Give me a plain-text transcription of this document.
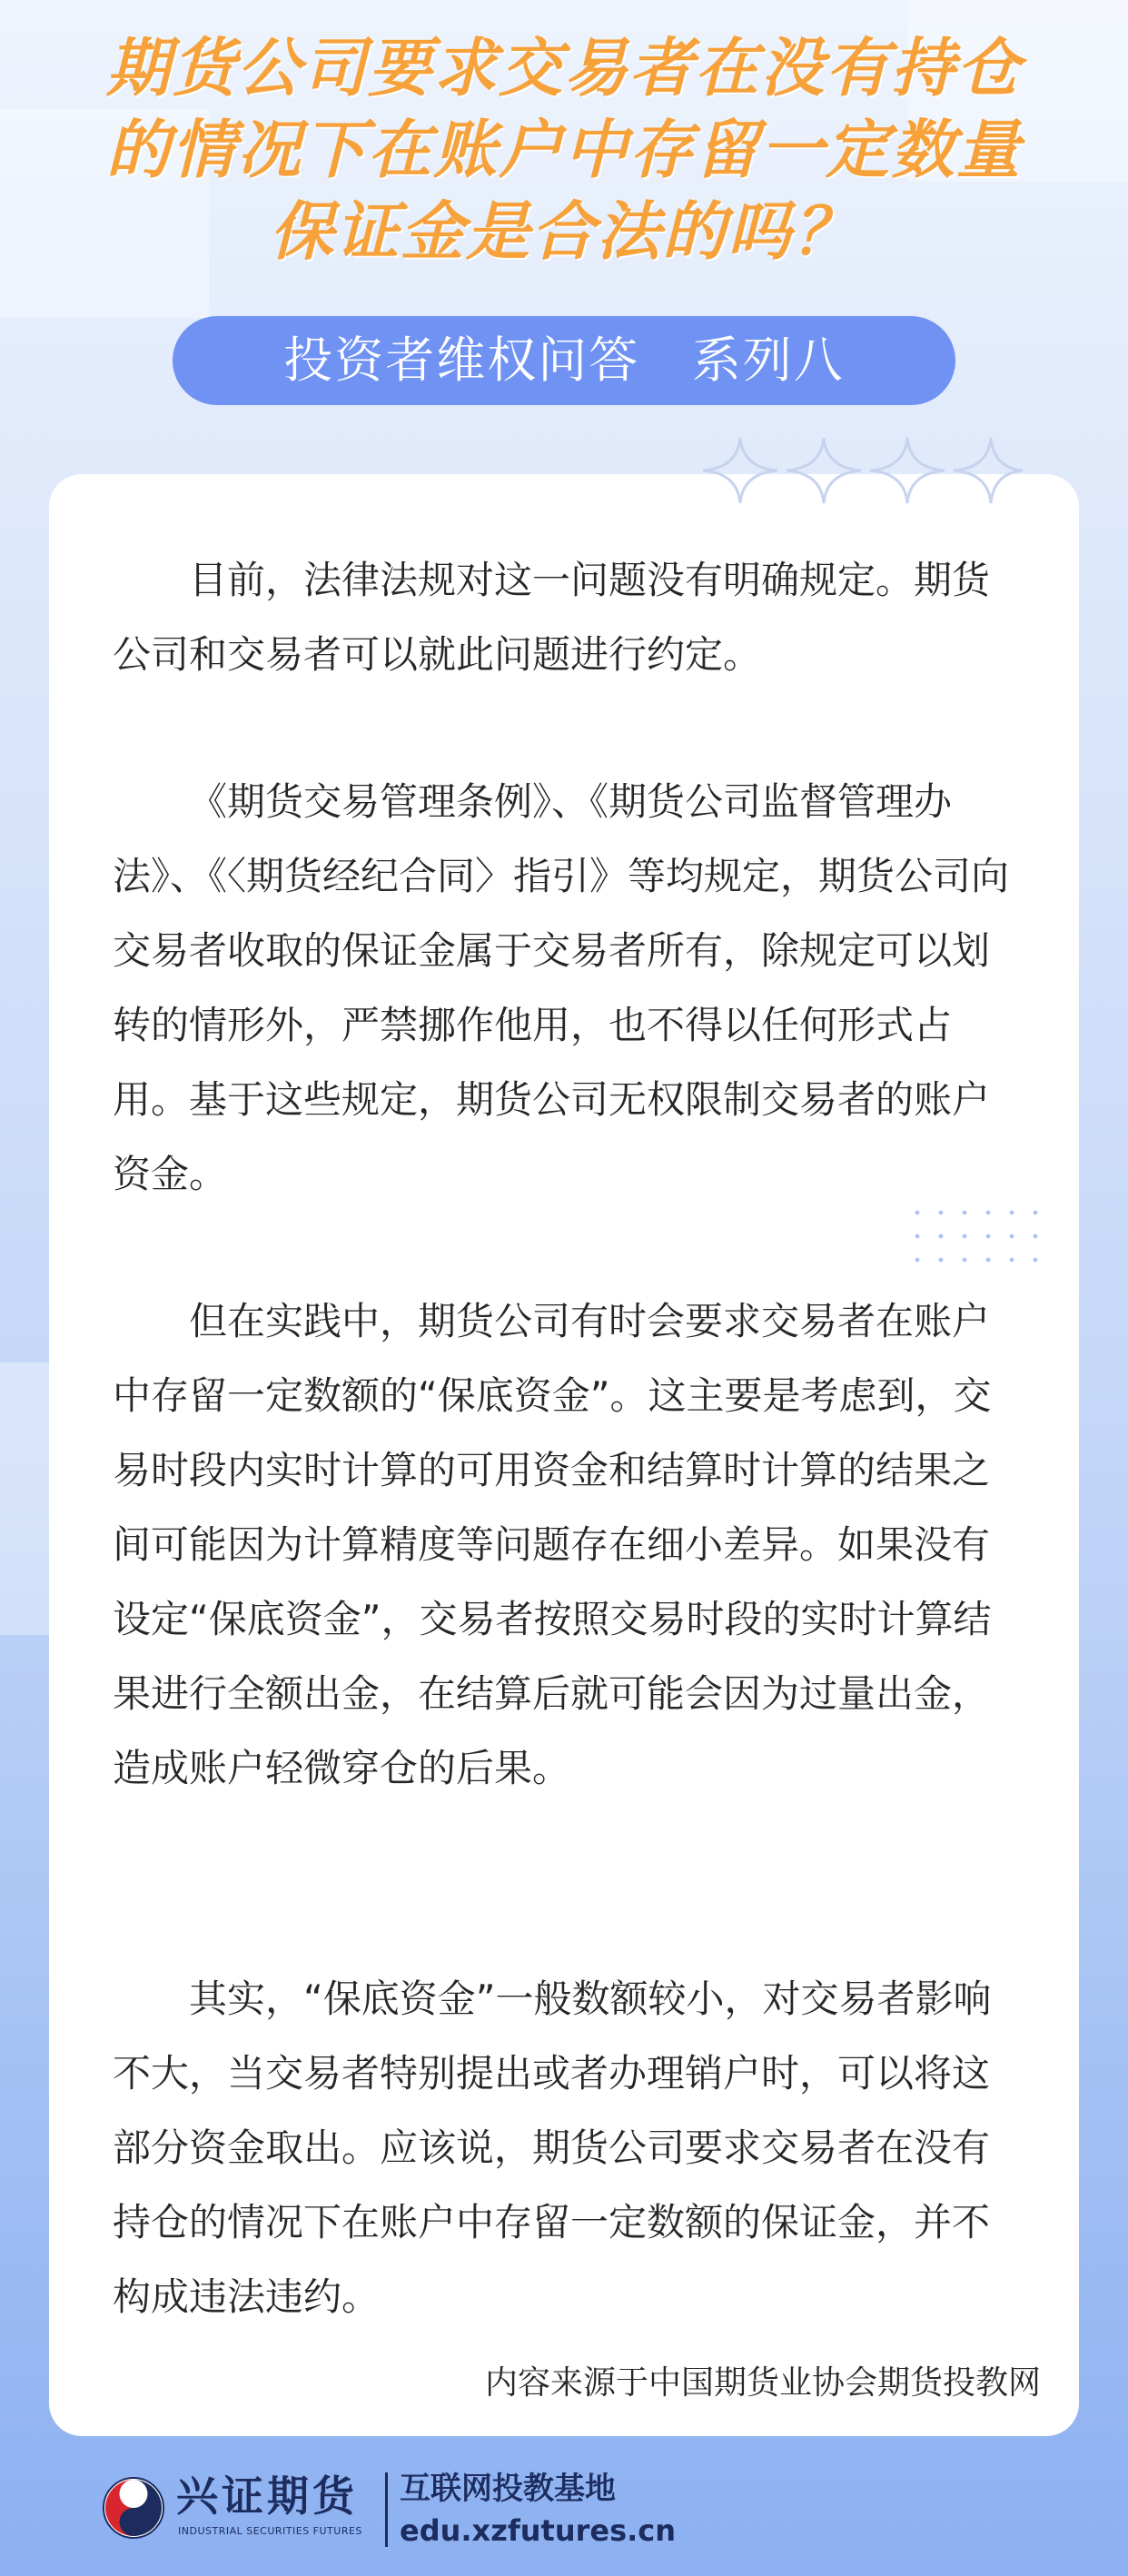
期货公司要求交易者在没有持仓
的情况下在账户中存留一定数量
保证金是合法的吗？
投资者维权问答   系列八

目前，法律法规对这一问题没有明确规定。期货公司和交易者可以就此问题进行约定。

《期货交易管理条例》、《期货公司监督管理办法》、《〈期货经纪合同〉指引》等均规定，期货公司向交易者收取的保证金属于交易者所有，除规定可以划转的情形外，严禁挪作他用，也不得以任何形式占用。基于这些规定，期货公司无权限制交易者的账户资金。

但在实践中，期货公司有时会要求交易者在账户中存留一定数额的“保底资金”。这主要是考虑到，交易时段内实时计算的可用资金和结算时计算的结果之间可能因为计算精度等问题存在细小差异。如果没有设定“保底资金”，交易者按照交易时段的实时计算结果进行全额出金，在结算后就可能会因为过量出金，造成账户轻微穿仓的后果。

其实，“保底资金”一般数额较小，对交易者影响不大，当交易者特别提出或者办理销户时，可以将这部分资金取出。应该说，期货公司要求交易者在没有持仓的情况下在账户中存留一定数额的保证金，并不构成违法违约。

内容来源于中国期货业协会期货投教网
兴证期货
INDUSTRIAL SECURITIES FUTURES
互联网投教基地
edu.xzfutures.cn
